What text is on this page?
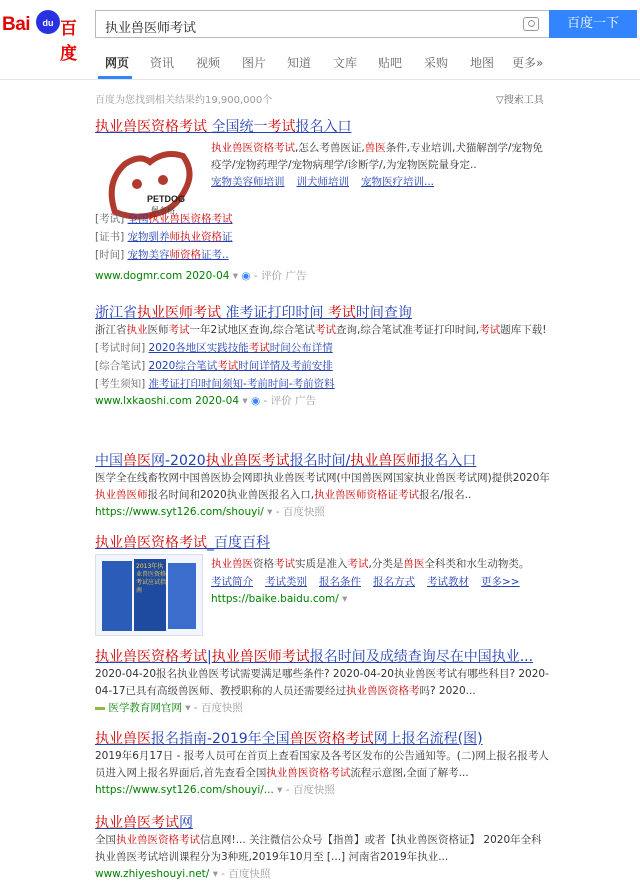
Bai	du 百度
执业兽医师考试	百度一下
网页 资讯 视频 图片 知道 文库 贴吧 采购 地图 更多»
百度为您找到相关结果约19,900,000个	▽搜索工具
执业兽医资格考试 全国统一考试报名入口
PETDOG
佩多格
执业兽医资格考试,怎么考兽医证,兽医条件,专业培训,犬猫解剖学/宠物免疫学/宠物药理学/宠物病理学/诊断学/,为宠物医院量身定..
宠物美容师培训 训犬师培训 宠物医疗培训...
[考试] 全国执业兽医资格考试
[证书] 宠物驯养师执业资格证
[时间] 宠物美容师资格证考..
www.dogmr.com 2020-04 ▾ ◉ - 评价 广告
浙江省执业医师考试 准考证打印时间 考试时间查询
浙江省执业医师考试一年2试地区查询,综合笔试考试查询,综合笔试准考证打印时间,考试题库下载!
[考试时间] 2020各地区实践技能考试时间公布详情
[综合笔试] 2020综合笔试考试时间详情及考前安排
[考生须知] 准考证打印时间须知-考前时间-考前资料
www.lxkaoshi.com 2020-04 ▾ ◉ - 评价 广告
中国兽医网-2020执业兽医考试报名时间/执业兽医师报名入口
医学全在线畜牧网中国兽医协会网即执业兽医考试网(中国兽医网国家执业兽医考试网)提供2020年执业兽医师报名时间和2020执业兽医报名入口,执业兽医师资格证考试报名/报名..
https://www.syt126.com/shouyi/ ▾ - 百度快照
执业兽医资格考试_百度百科
2013年执业兽医资格考试应试指南
执业兽医资格考试实质是准入考试,分类是兽医全科类和水生动物类。
考试简介 考试类别 报名条件 报名方式 考试教材 更多>>
https://baike.baidu.com/ ▾
执业兽医资格考试|执业兽医师考试报名时间及成绩查询尽在中国执业...
2020-04-20报名执业兽医考试需要满足哪些条件? 2020-04-20执业兽医考试有哪些科目? 2020-04-17已具有高级兽医师、教授职称的人员还需要经过执业兽医资格考吗? 2020...
医学教育网官网 ▾ - 百度快照
执业兽医报名指南-2019年全国兽医资格考试网上报名流程(图)
2019年6月17日 - 报考人员可在首页上查看国家及各考区发布的公告通知等。(二)网上报名报考人员进入网上报名界面后,首先查看全国执业兽医资格考试流程示意图,全面了解考...
https://www.syt126.com/shouyi/... ▾ - 百度快照
执业兽医考试网
全国执业兽医资格考试信息网!... 关注微信公众号【指兽】或者【执业兽医资格证】 2020年全科执业兽医考试培训课程分为3种班,2019年10月至 [...] 河南省2019年执业...
www.zhiyeshouyi.net/ ▾ - 百度快照
